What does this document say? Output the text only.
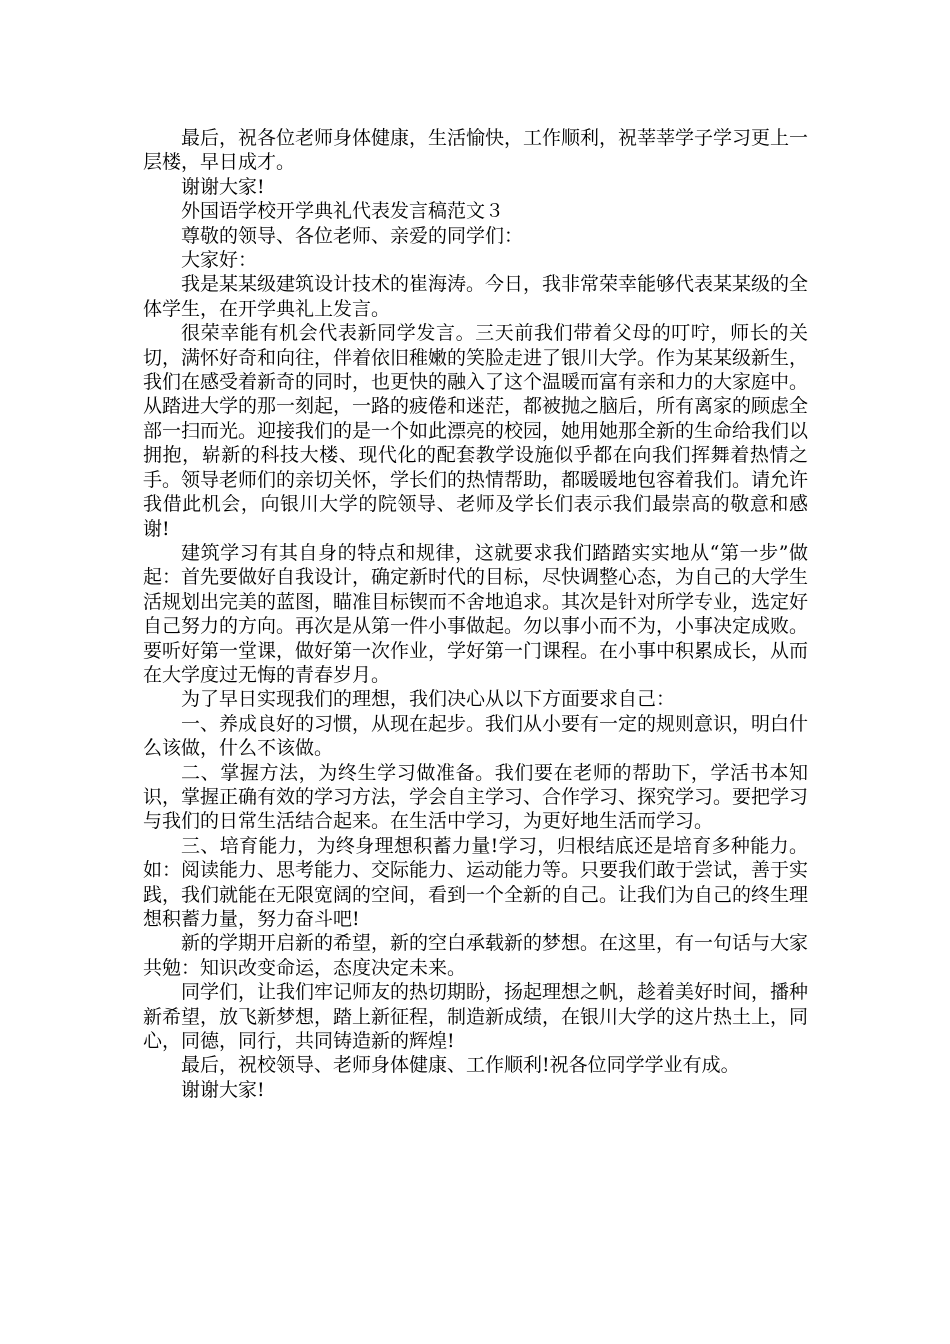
最后，祝各位老师身体健康，生活愉快，工作顺利，祝莘莘学子学习更上一层楼，早日成才。

谢谢大家!

外国语学校开学典礼代表发言稿范文３

尊敬的领导、各位老师、亲爱的同学们：

大家好：

我是某某级建筑设计技术的崔海涛。今日，我非常荣幸能够代表某某级的全体学生，在开学典礼上发言。

很荣幸能有机会代表新同学发言。三天前我们带着父母的叮咛，师长的关切，满怀好奇和向往，伴着依旧稚嫩的笑脸走进了银川大学。作为某某级新生，我们在感受着新奇的同时，也更快的融入了这个温暖而富有亲和力的大家庭中。从踏进大学的那一刻起，一路的疲倦和迷茫，都被抛之脑后，所有离家的顾虑全部一扫而光。迎接我们的是一个如此漂亮的校园，她用她那全新的生命给我们以拥抱，崭新的科技大楼、现代化的配套教学设施似乎都在向我们挥舞着热情之手。领导老师们的亲切关怀，学长们的热情帮助，都暖暖地包容着我们。请允许我借此机会，向银川大学的院领导、老师及学长们表示我们最崇高的敬意和感谢!

建筑学习有其自身的特点和规律，这就要求我们踏踏实实地从“第一步”做起：首先要做好自我设计，确定新时代的目标，尽快调整心态，为自己的大学生活规划出完美的蓝图，瞄准目标锲而不舍地追求。其次是针对所学专业，选定好自己努力的方向。再次是从第一件小事做起。勿以事小而不为，小事决定成败。要听好第一堂课，做好第一次作业，学好第一门课程。在小事中积累成长，从而在大学度过无悔的青春岁月。

为了早日实现我们的理想，我们决心从以下方面要求自己：

一、养成良好的习惯，从现在起步。我们从小要有一定的规则意识，明白什么该做，什么不该做。

二、掌握方法，为终生学习做准备。我们要在老师的帮助下，学活书本知识，掌握正确有效的学习方法，学会自主学习、合作学习、探究学习。要把学习与我们的日常生活结合起来。在生活中学习，为更好地生活而学习。

三、培育能力，为终身理想积蓄力量!学习，归根结底还是培育多种能力。如：阅读能力、思考能力、交际能力、运动能力等。只要我们敢于尝试，善于实践，我们就能在无限宽阔的空间，看到一个全新的自己。让我们为自己的终生理想积蓄力量，努力奋斗吧!

新的学期开启新的希望，新的空白承载新的梦想。在这里，有一句话与大家共勉：知识改变命运，态度决定未来。

同学们，让我们牢记师友的热切期盼，扬起理想之帆，趁着美好时间，播种新希望，放飞新梦想，踏上新征程，制造新成绩，在银川大学的这片热土上，同心，同德，同行，共同铸造新的辉煌!

最后，祝校领导、老师身体健康、工作顺利!祝各位同学学业有成。

谢谢大家!
